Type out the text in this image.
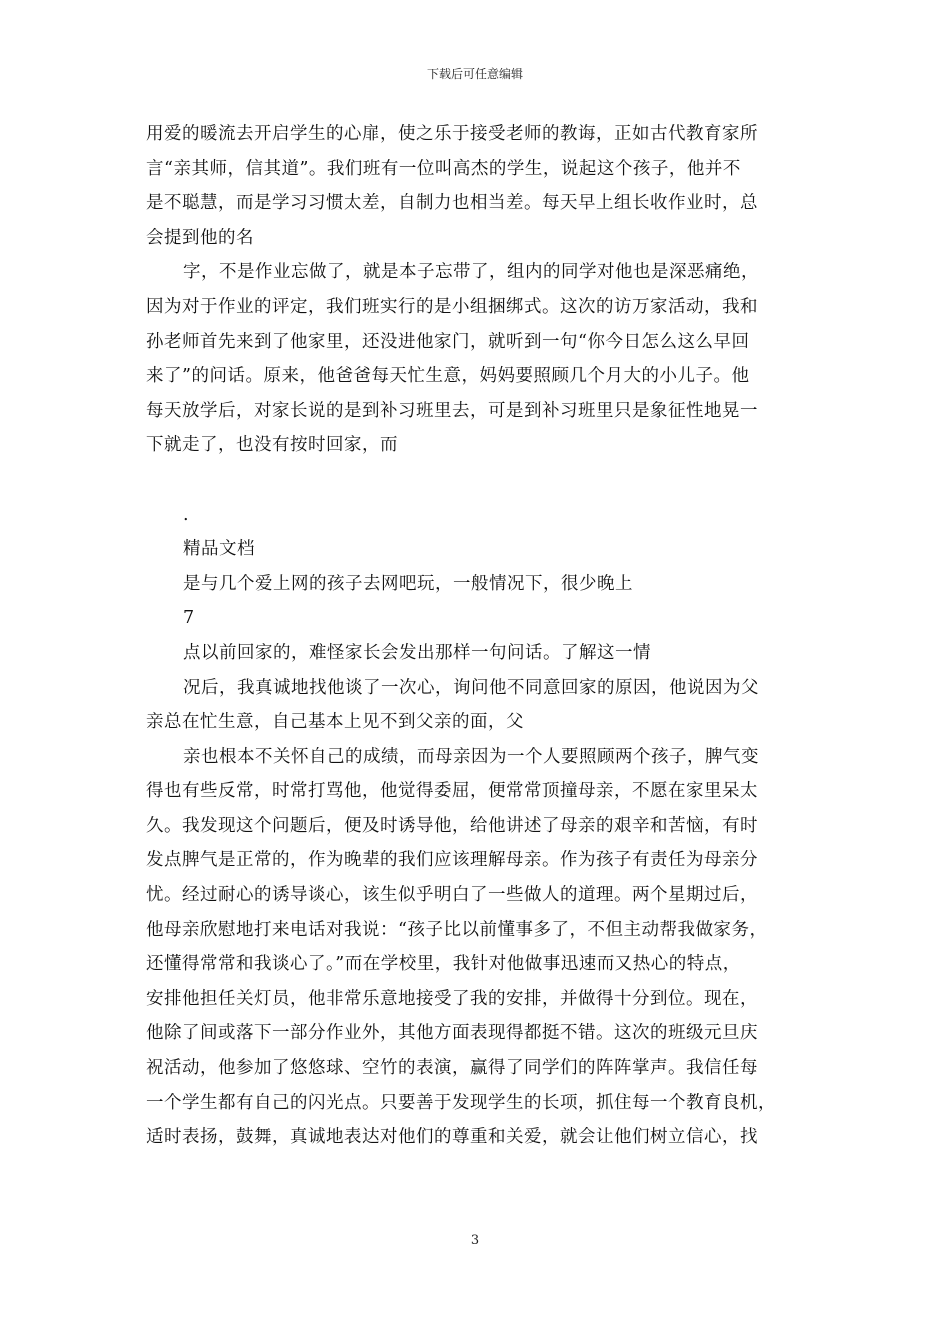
下载后可任意编辑
用爱的暖流去开启学生的心扉，使之乐于接受老师的教诲，正如古代教育家所
言“亲其师，信其道”。我们班有一位叫高杰的学生，说起这个孩子，他并不
是不聪慧，而是学习习惯太差，自制力也相当差。每天早上组长收作业时，总
会提到他的名
字，不是作业忘做了，就是本子忘带了，组内的同学对他也是深恶痛绝，
因为对于作业的评定，我们班实行的是小组捆绑式。这次的访万家活动，我和
孙老师首先来到了他家里，还没进他家门，就听到一句“你今日怎么这么早回
来了”的问话。原来，他爸爸每天忙生意，妈妈要照顾几个月大的小儿子。他
每天放学后，对家长说的是到补习班里去，可是到补习班里只是象征性地晃一
下就走了，也没有按时回家，而
.
精品文档
是与几个爱上网的孩子去网吧玩，一般情况下，很少晚上
7
点以前回家的，难怪家长会发出那样一句问话。了解这一情
况后，我真诚地找他谈了一次心，询问他不同意回家的原因，他说因为父
亲总在忙生意，自己基本上见不到父亲的面，父
亲也根本不关怀自己的成绩，而母亲因为一个人要照顾两个孩子，脾气变
得也有些反常，时常打骂他，他觉得委屈，便常常顶撞母亲，不愿在家里呆太
久。我发现这个问题后，便及时诱导他，给他讲述了母亲的艰辛和苦恼，有时
发点脾气是正常的，作为晚辈的我们应该理解母亲。作为孩子有责任为母亲分
忧。经过耐心的诱导谈心，该生似乎明白了一些做人的道理。两个星期过后，
他母亲欣慰地打来电话对我说：“孩子比以前懂事多了，不但主动帮我做家务，
还懂得常常和我谈心了。”而在学校里，我针对他做事迅速而又热心的特点，
安排他担任关灯员，他非常乐意地接受了我的安排，并做得十分到位。现在，
他除了间或落下一部分作业外，其他方面表现得都挺不错。这次的班级元旦庆
祝活动，他参加了悠悠球、空竹的表演，赢得了同学们的阵阵掌声。我信任每
一个学生都有自己的闪光点。只要善于发现学生的长项，抓住每一个教育良机，
适时表扬，鼓舞，真诚地表达对他们的尊重和关爱，就会让他们树立信心，找
3
